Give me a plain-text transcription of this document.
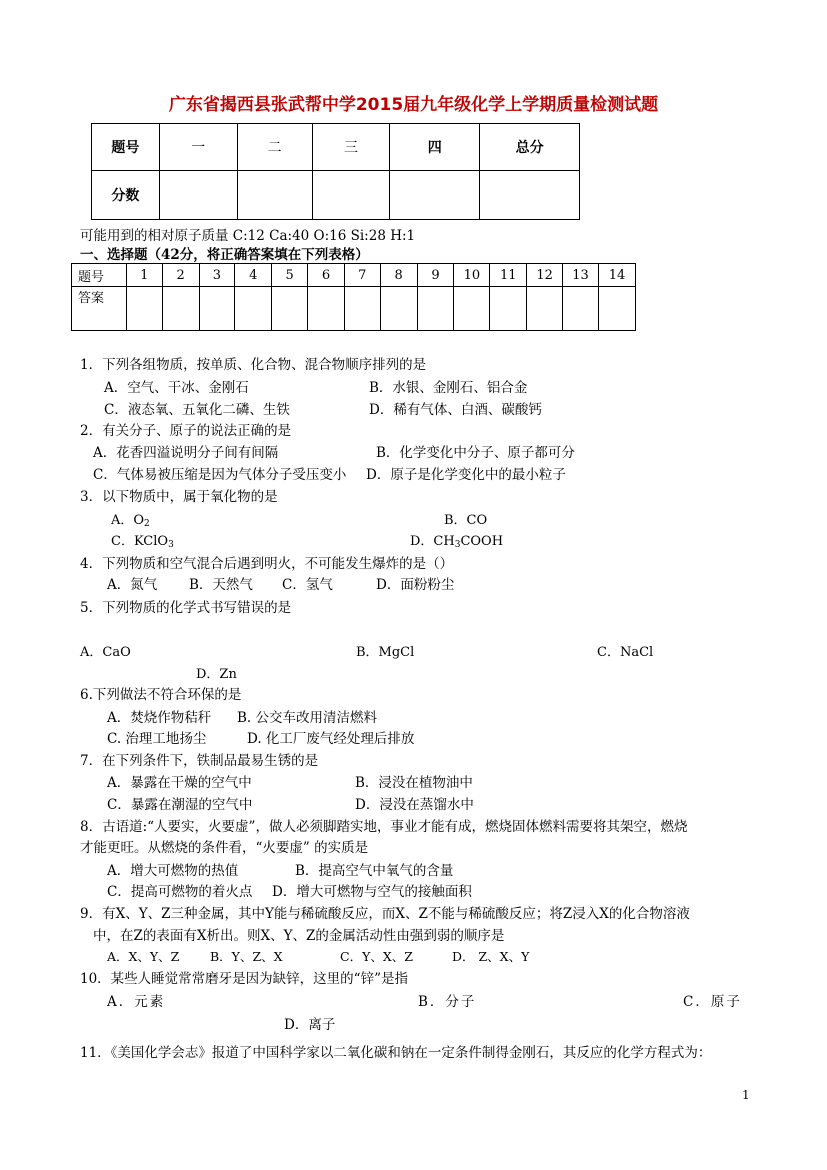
广东省揭西县张武帮中学2015届九年级化学上学期质量检测试题
题号	一	二	三	四	总分
分数					
可能用到的相对原子质量 C:12 Ca:40 O:16 Si:28 H:1
一、选择题（42分，将正确答案填在下列表格）
题号	1	2	3	4	5	6	7	8	9	10	11	12	13	14
答案														
1．下列各组物质，按单质、化合物、混合物顺序排列的是
A．空气、干冰、金刚石	B．水银、金刚石、铝合金
C．液态氧、五氧化二磷、生铁	D．稀有气体、白酒、碳酸钙
2．有关分子、原子的说法正确的是
A．花香四溢说明分子间有间隔	B．化学变化中分子、原子都可分
C．气体易被压缩是因为气体分子受压变小 D．原子是化学变化中的最小粒子
3．以下物质中，属于氧化物的是
A．$O_2$	B．CO
C．KClO$_3$	D．$CH_3COOH$
4．下列物质和空气混合后遇到明火，不可能发生爆炸的是（）
A．氮气 B．天然气 C．氢气	D．面粉粉尘
5．下列物质的化学式书写错误的是
A．CaO	B．MgCl	C．NaCl
D．Zn
6.下列做法不符合环保的是
A．焚烧作物秸秆 B. 公交车改用清洁燃料
C. 治理工地扬尘	D. 化工厂废气经处理后排放
7．在下列条件下，铁制品最易生锈的是
A．暴露在干燥的空气中	B．浸没在植物油中
C．暴露在潮湿的空气中	D．浸没在蒸馏水中
8．古语道:“人要实，火要虚”，做人必须脚踏实地，事业才能有成，燃烧固体燃料需要将其架空，燃烧
才能更旺。从燃烧的条件看，“火要虚” 的实质是
A．增大可燃物的热值	B．提高空气中氧气的含量
C．提高可燃物的着火点 D．增大可燃物与空气的接触面积
9．有X、Y、Z三种金属，其中Y能与稀硫酸反应，而X、Z不能与稀硫酸反应；将Z浸入X的化合物溶液
中，在Z的表面有X析出。则X、Y、Z的金属活动性由强到弱的顺序是
A．X、Y、Z B．Y、Z、X	C．Y、X、Z	D． Z、X、Y
10．某些人睡觉常常磨牙是因为缺锌，这里的“锌”是指
A．元素	B．分子	C．原子
D．离子
11．《美国化学会志》报道了中国科学家以二氧化碳和钠在一定条件制得金刚石，其反应的化学方程式为：
1
